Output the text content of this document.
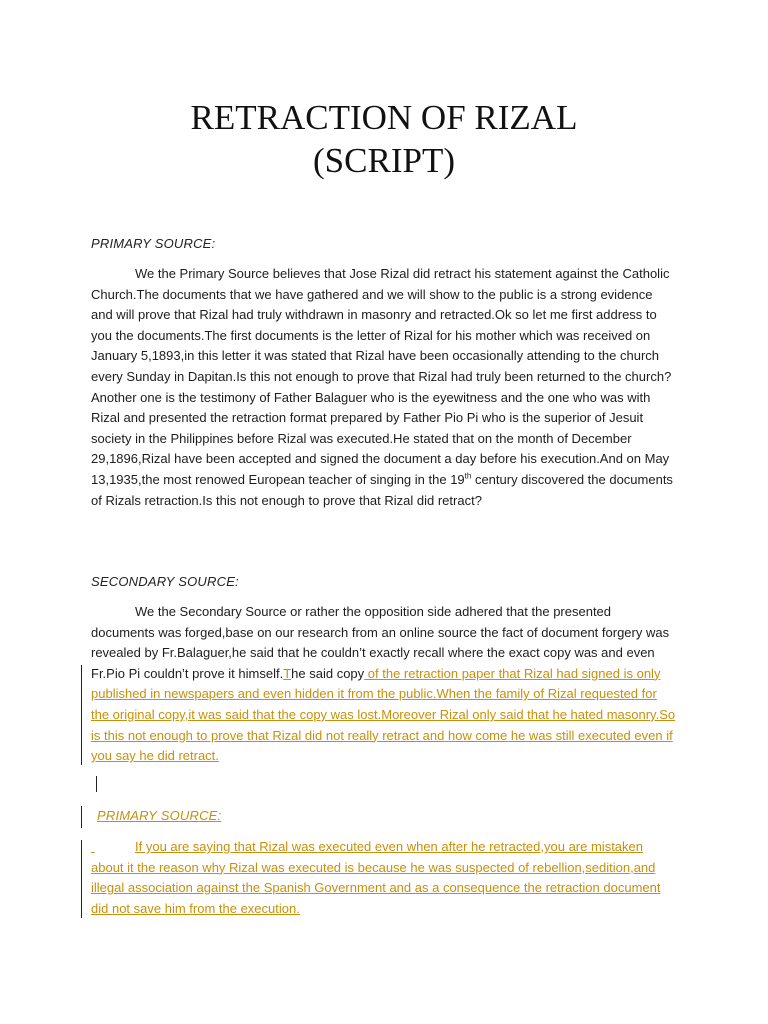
RETRACTION OF RIZAL
(SCRIPT)
PRIMARY SOURCE:
We the Primary Source believes that Jose Rizal did retract his statement against the Catholic Church.The documents that we have gathered and we will show to the public is a strong evidence and will prove that Rizal had truly withdrawn in masonry and retracted.Ok so let me first address to you the documents.The first documents is the letter of Rizal for his mother which was received on January 5,1893,in this letter it was stated that Rizal have been occasionally attending to the church every Sunday in Dapitan.Is this not enough to prove that Rizal had truly been returned to the church?Another one is the testimony of Father Balaguer who is the eyewitness and the one who was with Rizal and presented the retraction format prepared by Father Pio Pi who is the superior of Jesuit society in the Philippines before Rizal was executed.He stated that on the month of December 29,1896,Rizal have been accepted and signed the document a day before his execution.And on May 13,1935,the most renowed European teacher of singing in the 19th century discovered the documents of Rizals retraction.Is this not enough to prove that Rizal did retract?
SECONDARY SOURCE:
We the Secondary Source or rather the opposition side adhered that the presented documents was forged,base on our research from an online source the fact of document forgery was revealed by Fr.Balaguer,he said that he couldn’t exactly recall where the exact copy was and even Fr.Pio Pi couldn’t prove it himself.The said copy of the retraction paper that Rizal had signed is only published in newspapers and even hidden it from the public.When the family of Rizal requested for the original copy,it was said that the copy was lost.Moreover Rizal only said that he hated masonry.So is this not enough to prove that Rizal did not really retract and how come he was still executed even if you say he did retract.
PRIMARY SOURCE:
If you are saying that Rizal was executed even when after he retracted,you are mistaken about it the reason why Rizal was executed is because he was suspected of rebellion,sedition,and illegal association against the Spanish Government and as a consequence the retraction document did not save him from the execution.
